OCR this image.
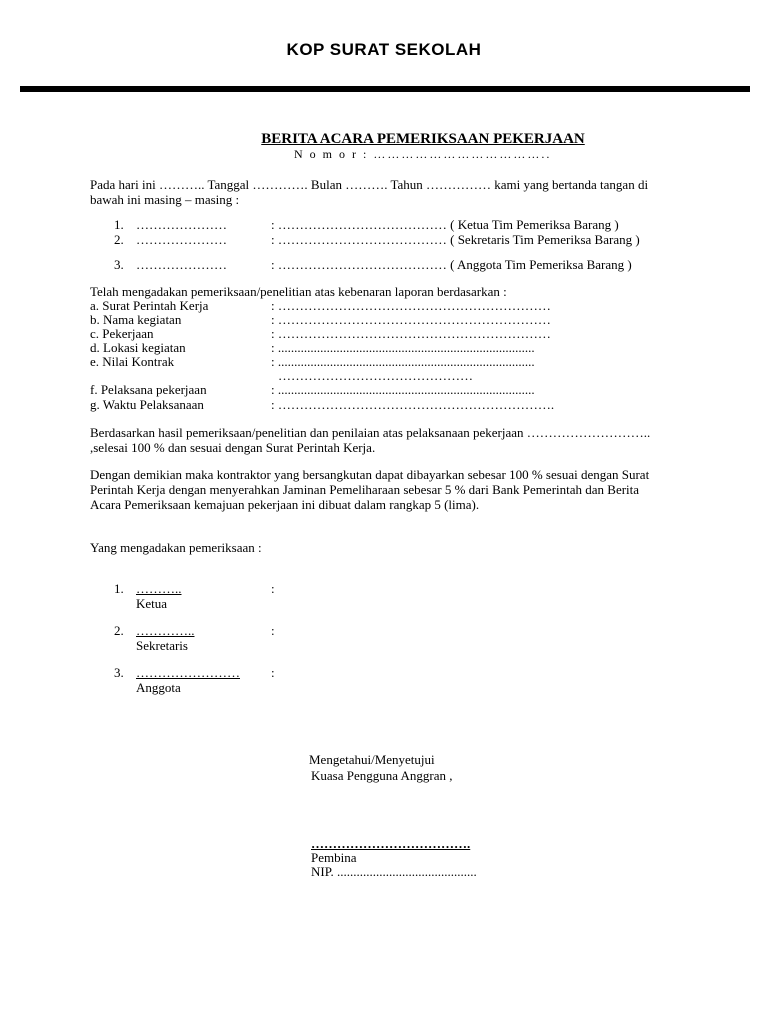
KOP SURAT SEKOLAH
BERITA ACARA PEMERIKSAAN PEKERJAAN
N o m o r : ………………………………..
Pada hari ini ……….. Tanggal …………. Bulan ………. Tahun …………… kami yang bertanda tangan di
bawah ini masing – masing :
1. …………………	: ………………………………… ( Ketua Tim Pemeriksa Barang )
2. …………………	: ………………………………… ( Sekretaris Tim Pemeriksa Barang )
3. …………………	: ………………………………… ( Anggota Tim Pemeriksa Barang )
Telah mengadakan pemeriksaan/penelitian atas kebenaran laporan berdasarkan :
a. Surat Perintah Kerja	: ………………………………………………………
b. Nama kegiatan	: ………………………………………………………
c. Pekerjaan	: ………………………………………………………
d. Lokasi kegiatan	: ...............................................................................
e. Nilai Kontrak	: ...............................................................................
………………………………………
f. Pelaksana pekerjaan	: ...............................................................................
g. Waktu Pelaksanaan	: ……………………………………………………….
Berdasarkan hasil pemeriksaan/penelitian dan penilaian atas pelaksanaan pekerjaan ………………………..
,selesai 100 % dan sesuai dengan Surat Perintah Kerja.
Dengan demikian maka kontraktor yang bersangkutan dapat dibayarkan sebesar 100 % sesuai dengan Surat
Perintah Kerja dengan menyerahkan Jaminan Pemeliharaan sebesar 5 % dari Bank Pemerintah dan Berita
Acara Pemeriksaan kemajuan pekerjaan ini dibuat dalam rangkap 5 (lima).
Yang mengadakan pemeriksaan :
1. ………..	:
Ketua
2. …………..	:
Sekretaris
3. …………………… :
Anggota
Mengetahui/Menyetujui
Kuasa Pengguna Anggran ,
……………………………….
Pembina
NIP. ...........................................
